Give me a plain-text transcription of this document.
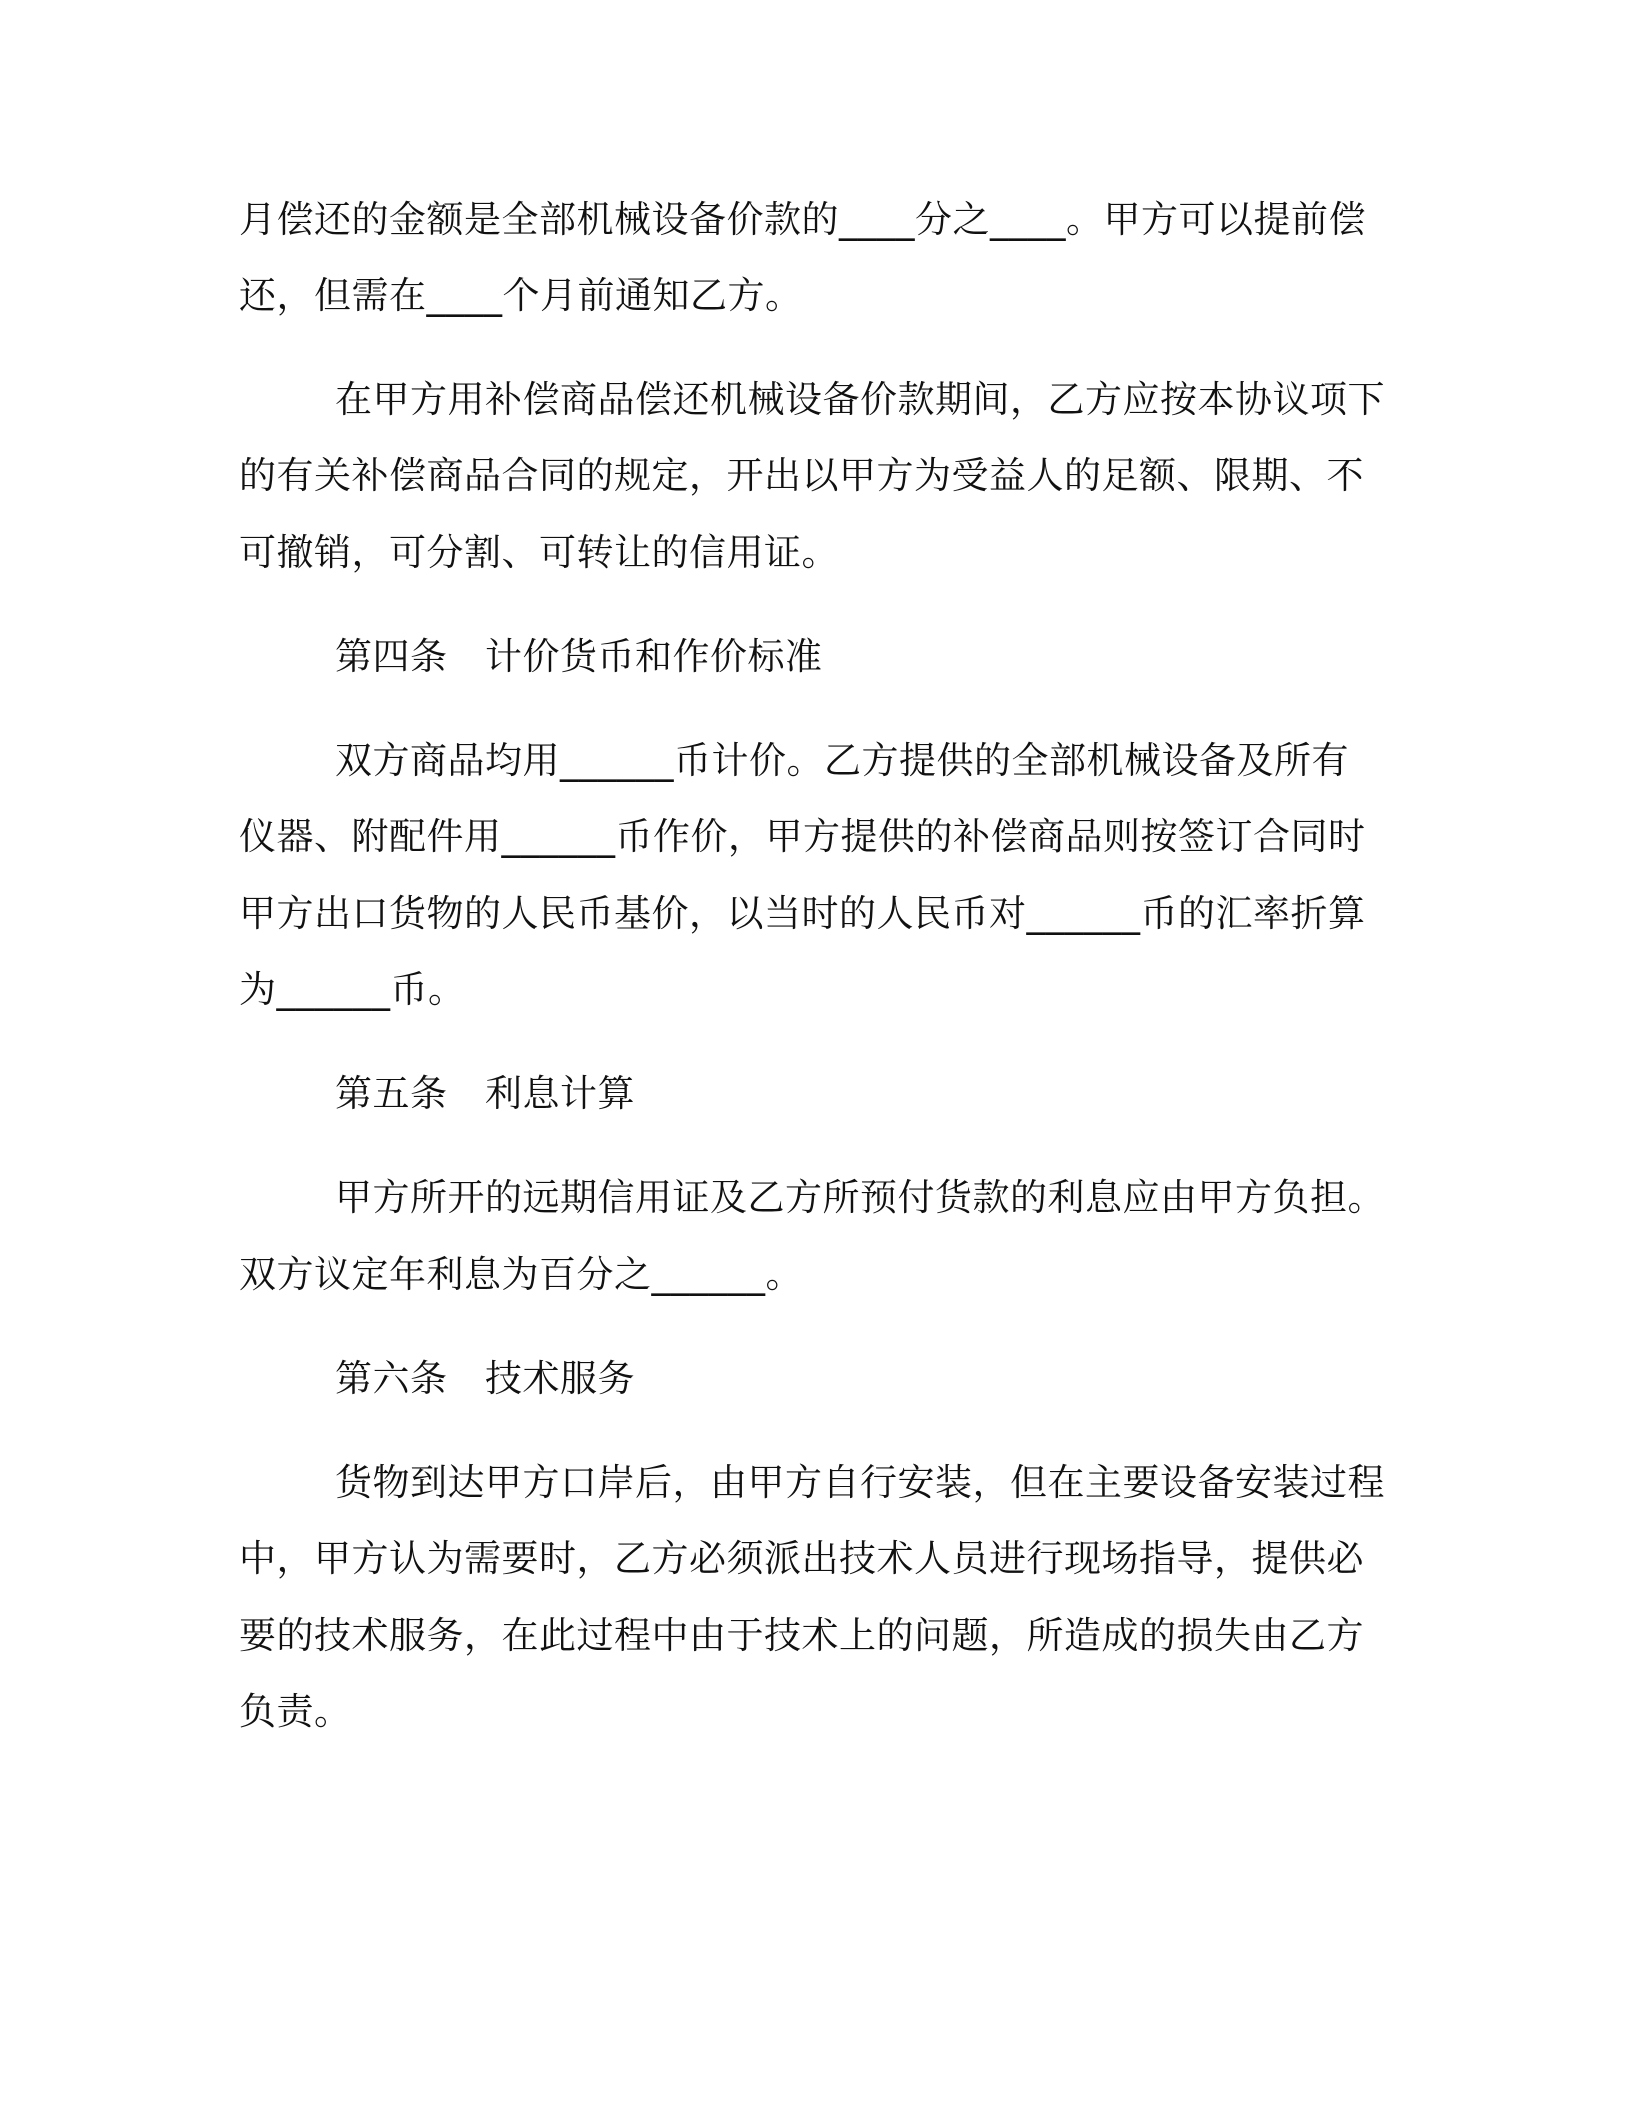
月偿还的金额是全部机械设备价款的____分之____。甲方可以提前偿
还，但需在____个月前通知乙方。
在甲方用补偿商品偿还机械设备价款期间，乙方应按本协议项下
的有关补偿商品合同的规定，开出以甲方为受益人的足额、限期、不
可撤销，可分割、可转让的信用证。
第四条　计价货币和作价标准
双方商品均用______币计价。乙方提供的全部机械设备及所有
仪器、附配件用______币作价，甲方提供的补偿商品则按签订合同时
甲方出口货物的人民币基价，以当时的人民币对______币的汇率折算
为______币。
第五条　利息计算
甲方所开的远期信用证及乙方所预付货款的利息应由甲方负担。
双方议定年利息为百分之______。
第六条　技术服务
货物到达甲方口岸后，由甲方自行安装，但在主要设备安装过程
中，甲方认为需要时，乙方必须派出技术人员进行现场指导，提供必
要的技术服务，在此过程中由于技术上的问题，所造成的损失由乙方
负责。
